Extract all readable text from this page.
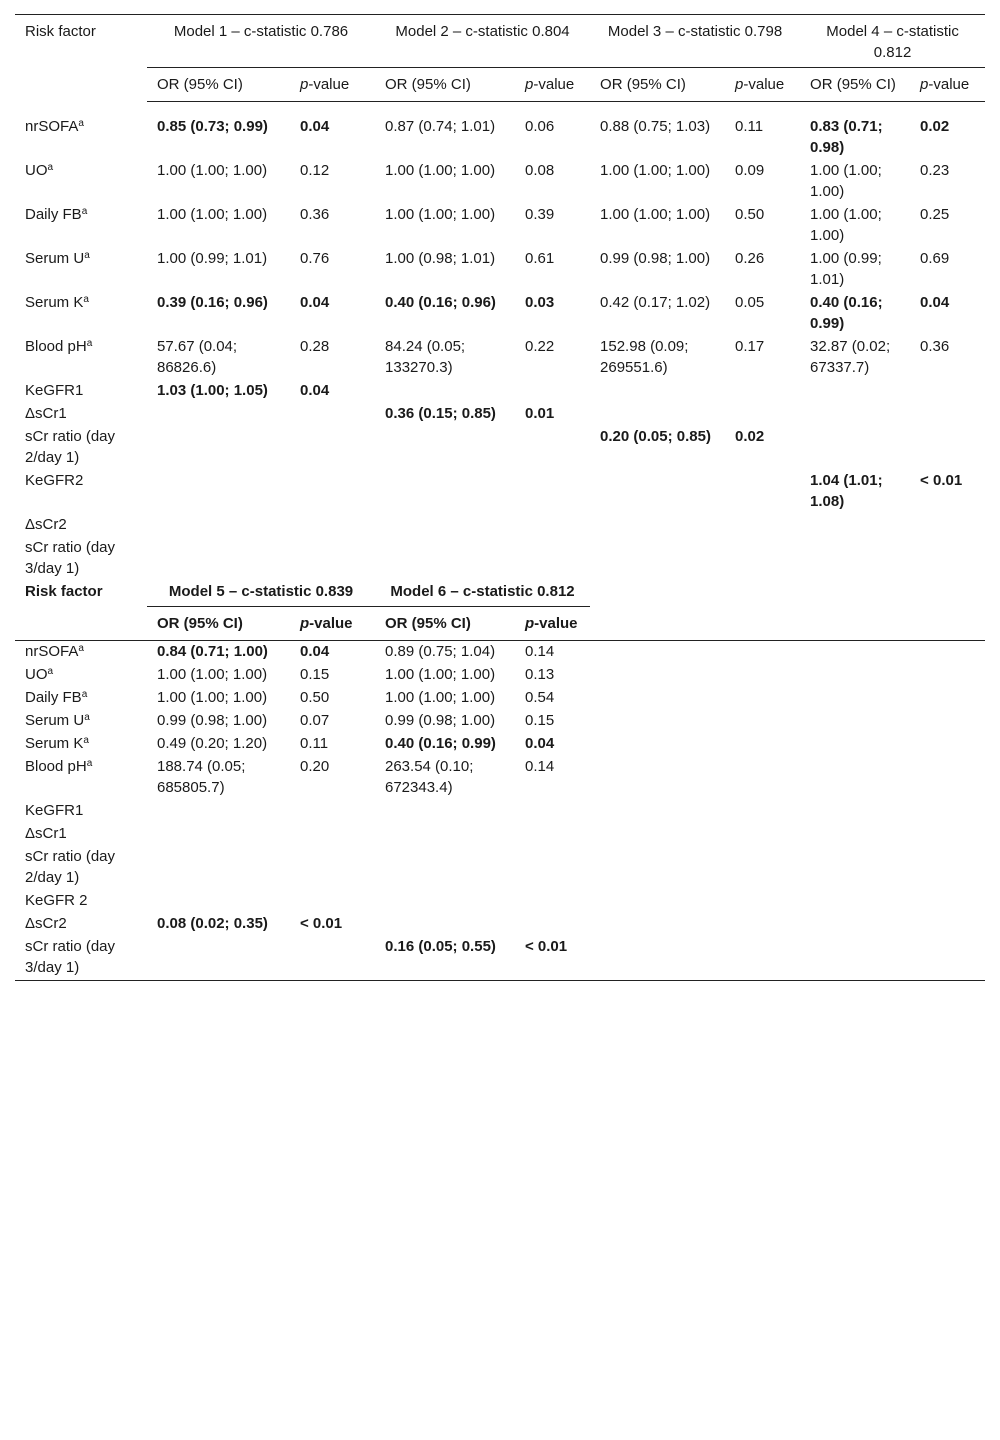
Risk factor	Model 1 – c-statistic 0.786		Model 2 – c-statistic 0.804		Model 3 – c-statistic 0.798		Model 4 – c-statistic 0.812	
	OR (95% CI)	p-value	OR (95% CI)	p-value	OR (95% CI)	p-value	OR (95% CI)	p-value
nrSOFA$^a$	0.85 (0.73; 0.99)	0.04	0.87 (0.74; 1.01)	0.06	0.88 (0.75; 1.03)	0.11	0.83 (0.71; 0.98)	0.02
$UO^a$	1.00 (1.00; 1.00)	0.12	1.00 (1.00; 1.00)	0.08	1.00 (1.00; 1.00)	0.09	1.00 (1.00; 1.00)	0.23
Daily $FB^a$	1.00 (1.00; 1.00)	0.36	1.00 (1.00; 1.00)	0.39	1.00 (1.00; 1.00)	0.50	1.00 (1.00; 1.00)	0.25
Serum $U^a$	1.00 (0.99; 1.01)	0.76	1.00 (0.98; 1.01)	0.61	0.99 (0.98; 1.00)	0.26	1.00 (0.99; 1.01)	0.69
Serum $K^a$	0.39 (0.16; 0.96)	0.04	0.40 (0.16; 0.96)	0.03	0.42 (0.17; 1.02)	0.05	0.40 (0.16; 0.99)	0.04
Blood $pH^a$	57.67 (0.04; 86826.6)	0.28	84.24 (0.05; 133270.3)	0.22	152.98 (0.09; 269551.6)	0.17	32.87 (0.02; 67337.7)	0.36
KeGFR1	1.03 (1.00; 1.05)	0.04						
ΔsCr1			0.36 (0.15; 0.85)	0.01				
sCr ratio (day 2/day 1)					0.20 (0.05; 0.85)	0.02		
KeGFR2							1.04 (1.01; 1.08)	< 0.01
ΔsCr2								
sCr ratio (day 3/day 1)								
Risk factor	Model 5 – c-statistic 0.839		Model 6 – c-statistic 0.812		
	OR (95% CI)	p-value	OR (95% CI)	p-value	

nrSOFA$^a$	0.84 (0.71; 1.00)	0.04	0.89 (0.75; 1.04)	0.14	
$UO^a$	1.00 (1.00; 1.00)	0.15	1.00 (1.00; 1.00)	0.13	
Daily $FB^a$	1.00 (1.00; 1.00)	0.50	1.00 (1.00; 1.00)	0.54	
Serum $U^a$	0.99 (0.98; 1.00)	0.07	0.99 (0.98; 1.00)	0.15	
Serum $K^a$	0.49 (0.20; 1.20)	0.11	0.40 (0.16; 0.99)	0.04	
Blood $pH^a$	188.74 (0.05; 685805.7)	0.20	263.54 (0.10; 672343.4)	0.14	
KeGFR1					
ΔsCr1					
sCr ratio (day 2/day 1)					
KeGFR 2					
ΔsCr2	0.08 (0.02; 0.35)	< 0.01			
sCr ratio (day 3/day 1)			0.16 (0.05; 0.55)	< 0.01	
